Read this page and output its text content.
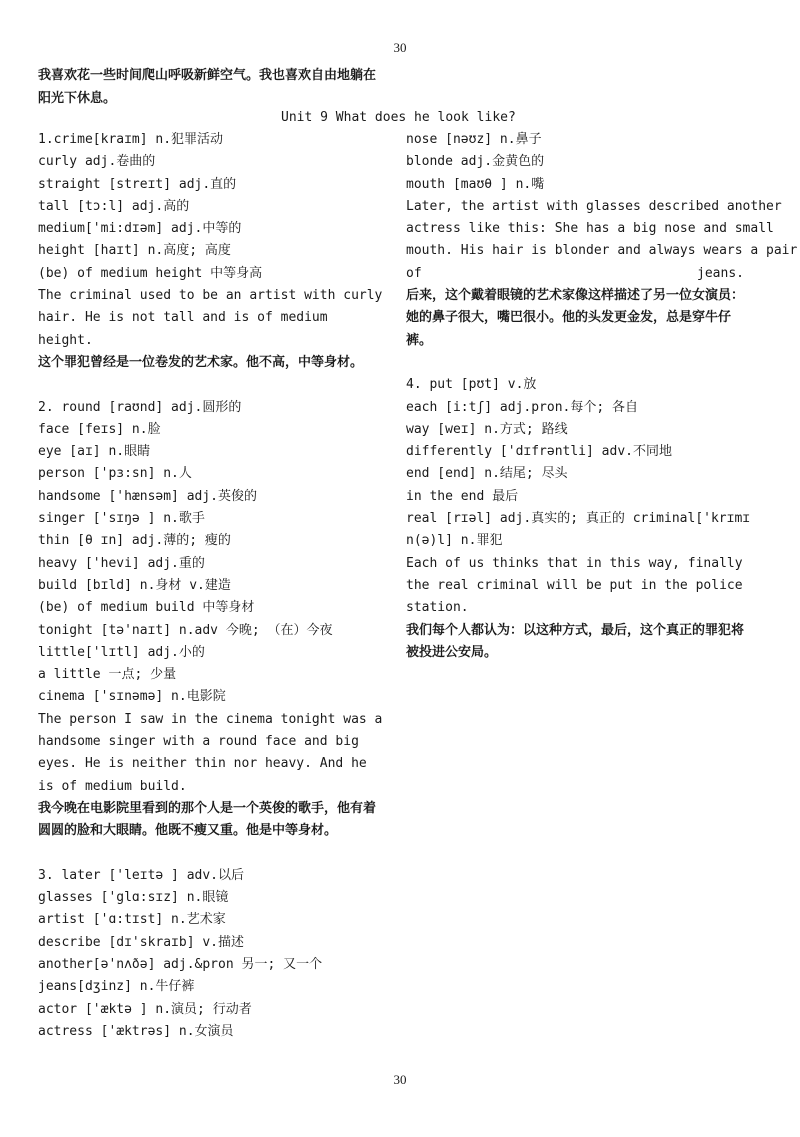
30
我喜欢花一些时间爬山呼吸新鲜空气。我也喜欢自由地躺在阳光下休息。
Unit 9 What does he look like?
1.crime[kraɪm] n.犯罪活动
curly adj.卷曲的
straight [streɪt] adj.直的
tall [tɔ:l] adj.高的
medium['mi:dɪəm] adj.中等的
height [haɪt] n.高度; 高度
(be) of medium height 中等身高
The criminal used to be an artist with curly hair. He is not tall and is of medium height.
这个罪犯曾经是一位卷发的艺术家。他不高，中等身材。
2. round [raʊnd] adj.圆形的
face [feɪs] n.脸
eye [aɪ] n.眼睛
person ['pɜ:sn] n.人
handsome ['hænsəm] adj.英俊的
singer ['sɪŋə ] n.歌手
thin [θ ɪn] adj.薄的; 瘦的
heavy ['hevi] adj.重的
build [bɪld] n.身材 v.建造
(be) of medium build 中等身材
tonight [tə'naɪt] n.adv 今晚; （在）今夜
little['lɪtl] adj.小的
a little 一点; 少量
cinema ['sɪnəmə] n.电影院
The person I saw in the cinema tonight was a handsome singer with a round face and big eyes. He is neither thin nor heavy. And he is of medium build.
我今晚在电影院里看到的那个人是一个英俊的歌手，他有着圆圆的脸和大眼睛。他既不瘦又重。他是中等身材。
3. later ['leɪtə ] adv.以后
glasses ['glɑ:sɪz] n.眼镜
artist ['ɑ:tɪst] n.艺术家
describe [dɪ'skraɪb] v.描述
another[ə'nʌðə] adj.&pron 另一; 又一个
jeans[dʒinz] n.牛仔裤
actor ['æktə ] n.演员; 行动者
actress ['æktrəs] n.女演员
nose [nəʊz] n.鼻子
blonde adj.金黄色的
mouth [maʊθ ] n.嘴
Later, the artist with glasses described another
actress like this: She has a big nose and small
mouth. His hair is blonder and always wears a pair
of	jeans.
后来，这个戴着眼镜的艺术家像这样描述了另一位女演员：她的鼻子很大，嘴巴很小。他的头发更金发，总是穿牛仔裤。
4. put [pʊt] v.放
each [i:tʃ] adj.pron.每个; 各自
way [weɪ] n.方式; 路线
differently ['dɪfrəntli] adv.不同地
end [end] n.结尾; 尽头
in the end 最后
real [rɪəl] adj.真实的; 真正的 criminal['krɪmɪ
n(ə)l] n.罪犯
Each of us thinks that in this way, finally the real criminal will be put in the police station.
我们每个人都认为：以这种方式，最后，这个真正的罪犯将被投进公安局。
30
